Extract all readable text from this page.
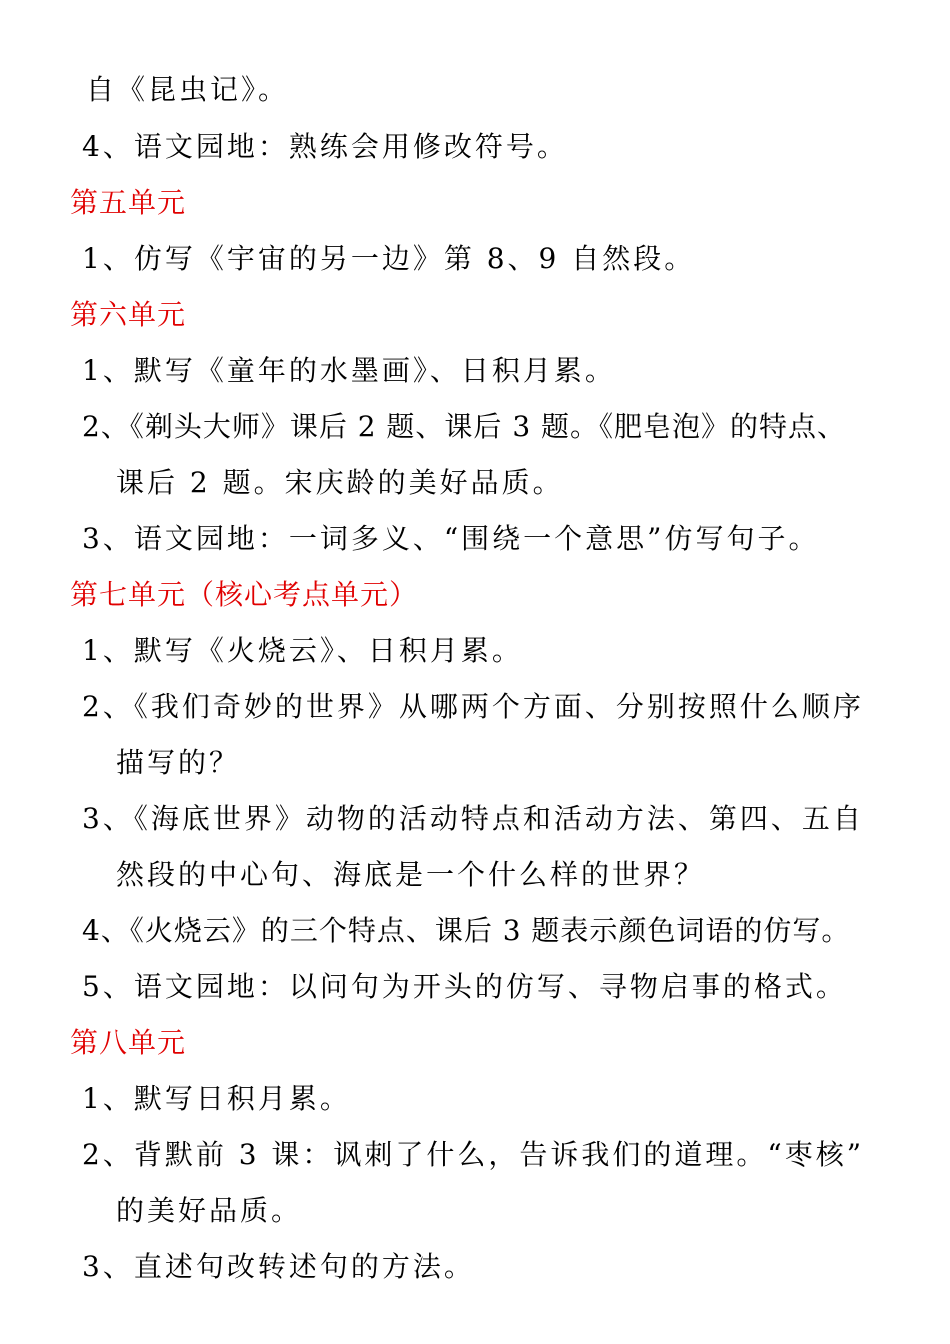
自《昆虫记》。
4、语文园地：熟练会用修改符号。
第五单元
1、仿写《宇宙的另一边》第 8、9 自然段。
第六单元
1、默写《童年的水墨画》、日积月累。
2、《剃头大师》课后 2 题、课后 3 题。《肥皂泡》的特点、
课后 2 题。宋庆龄的美好品质。
3、语文园地：一词多义、“围绕一个意思”仿写句子。
第七单元（核心考点单元）
1、默写《火烧云》、日积月累。
2、《我们奇妙的世界》从哪两个方面、分别按照什么顺序
描写的？
3、《海底世界》动物的活动特点和活动方法、第四、五自
然段的中心句、海底是一个什么样的世界？
4、《火烧云》的三个特点、课后 3 题表示颜色词语的仿写。
5、语文园地：以问句为开头的仿写、寻物启事的格式。
第八单元
1、默写日积月累。
2、背默前 3 课：讽刺了什么，告诉我们的道理。“枣核”
的美好品质。
3、直述句改转述句的方法。
